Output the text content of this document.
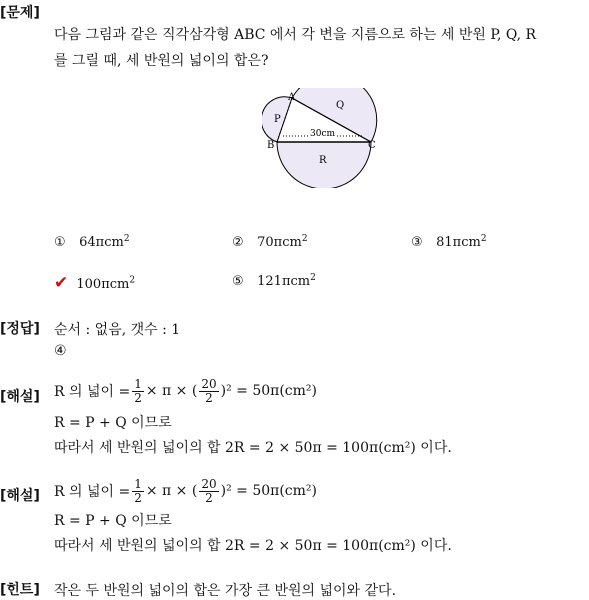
[문제]
다음 그림과 같은 직각삼각형 ABC 에서 각 변을 지름으로 하는 세 반원 P, Q, R
를 그릴 때, 세 반원의 넓이의 합은?
30cm
A
B	C
P
Q
R
① 64πcm$^2$	② 70πcm$^2$	③ 81πcm$^2$
✔ 100πcm$^2$	⑤ 121πcm$^2$
[정답] 순서 : 없음, 갯수 : 1
④
[해설] R 의 넓이 = $\frac{1}{2} \times \pi$ × ( $\frac{20}{2} )^2 = 50\pi(cm^2)$
R = P + Q 이므로
따라서 세 반원의 넓이의 합 2R = 2 × 50π = 100π(cm²) 이다.
[해설] R 의 넓이 = $\frac{1}{2} \times \pi$ × ( $\frac{20}{2} )^2 = 50\pi(cm^2)$
R = P + Q 이므로
따라서 세 반원의 넓이의 합 2R = 2 × 50π = 100π(cm²) 이다.
[힌트] 작은 두 반원의 넓이의 합은 가장 큰 반원의 넓이와 같다.
